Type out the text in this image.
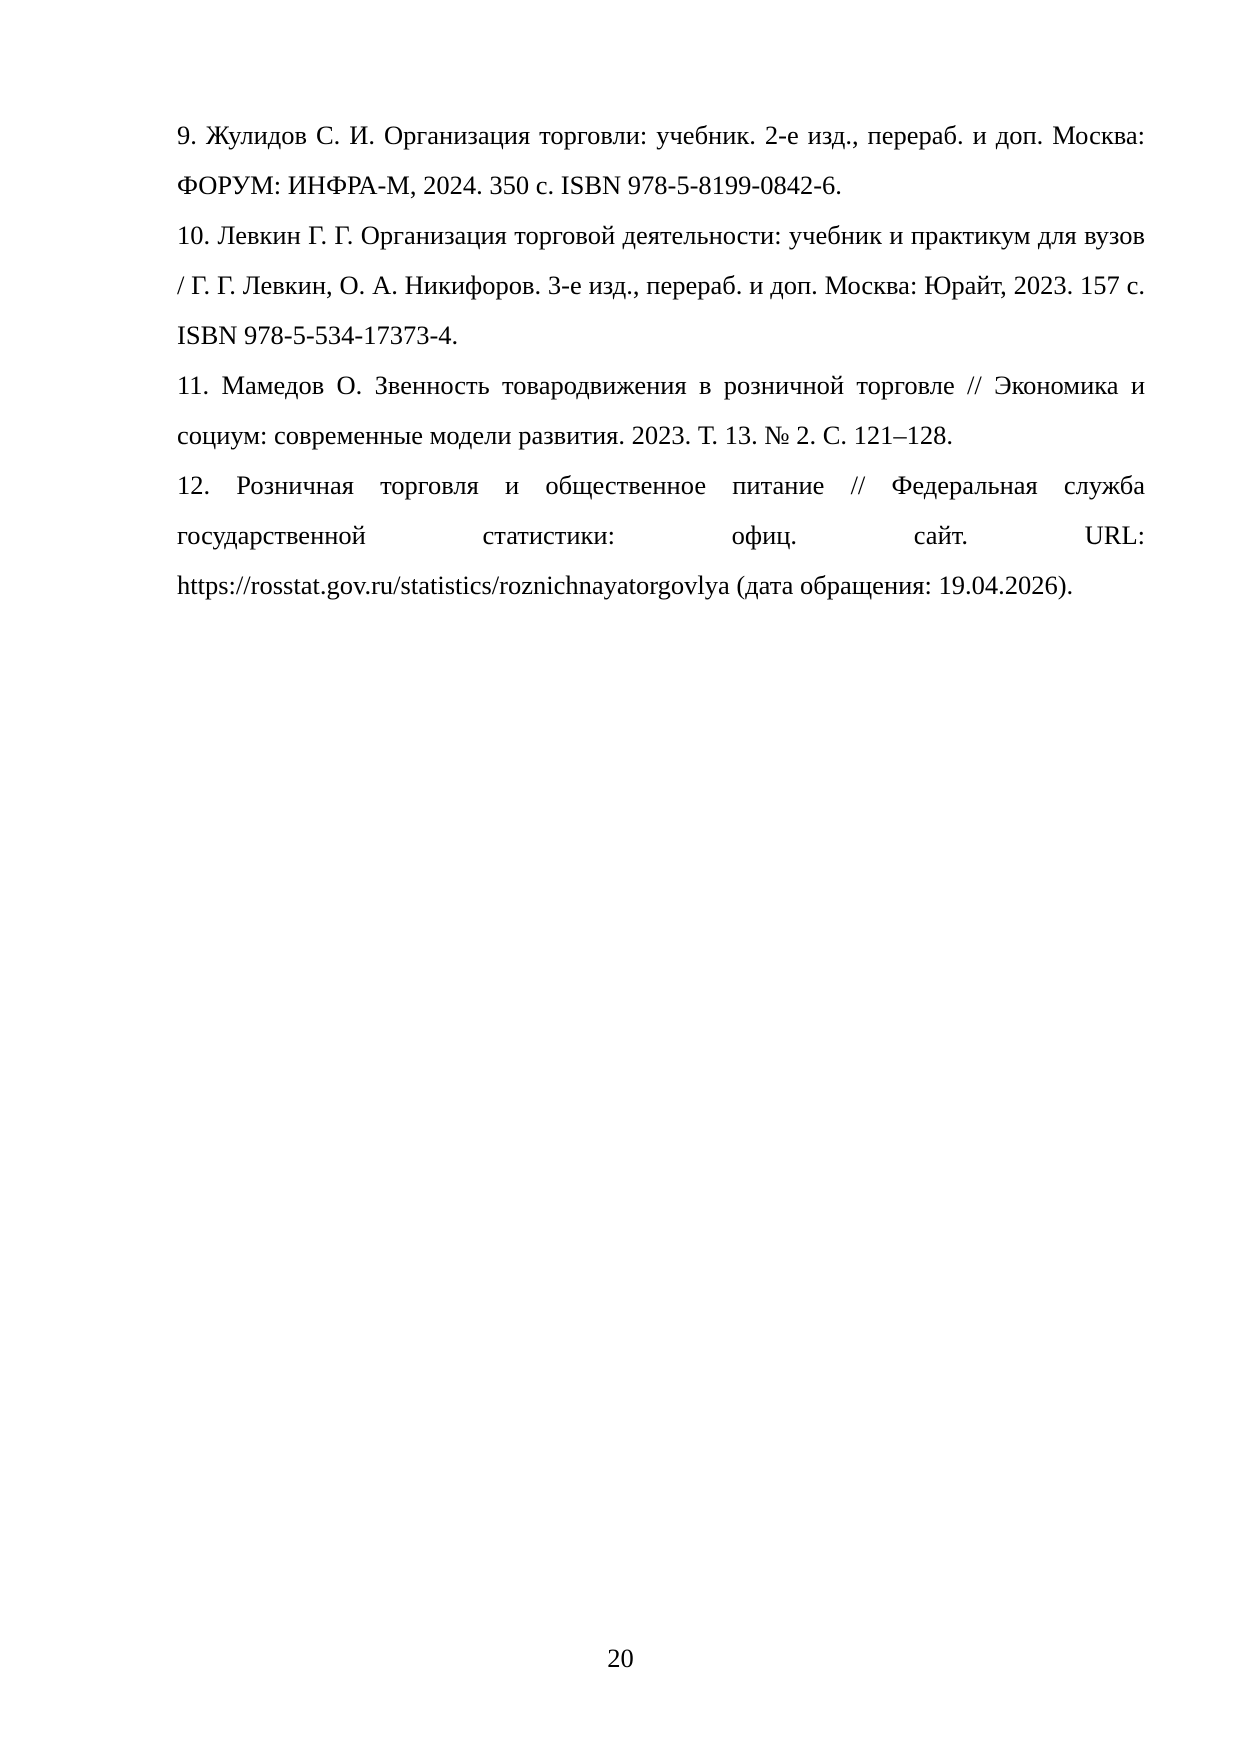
9. Жулидов С. И. Организация торговли: учебник. 2-е изд., перераб. и доп. Москва: ФОРУМ: ИНФРА-М, 2024. 350 с. ISBN 978-5-8199-0842-6.
10. Левкин Г. Г. Организация торговой деятельности: учебник и практикум для вузов / Г. Г. Левкин, О. А. Никифоров. 3-е изд., перераб. и доп. Москва: Юрайт, 2023. 157 с. ISBN 978-5-534-17373-4.
11. Мамедов О. Звенность товародвижения в розничной торговле // Экономика и социум: современные модели развития. 2023. Т. 13. № 2. С. 121–128.
12. Розничная торговля и общественное питание // Федеральная служба государственной статистики: офиц. сайт. URL: https://rosstat.gov.ru/statistics/roznichnayatorgovlya (дата обращения: 19.04.2026).
20
